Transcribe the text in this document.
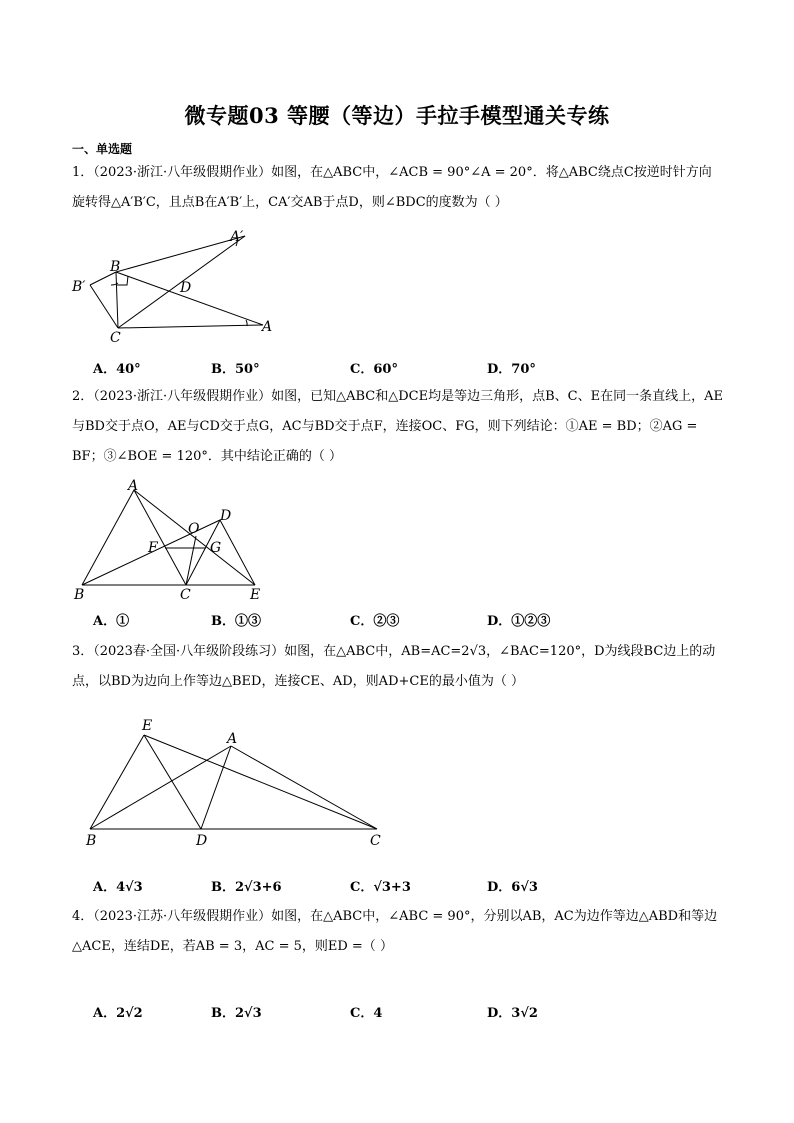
微专题03 等腰（等边）手拉手模型通关专练
一、单选题
1．（2023·浙江·八年级假期作业）如图，在△ABC中，∠ACB = 90°∠A = 20°．将△ABC绕点C按逆时针方向旋转得△A′B′C，且点B在A′B′上，CA′交AB于点D，则∠BDC的度数为（ ）
A′
B
B′	D
C
A
A．40°	B．50°	C．60°	D．70°
2．（2023·浙江·八年级假期作业）如图，已知△ABC和△DCE均是等边三角形，点B、C、E在同一条直线上，AE与BD交于点O，AE与CD交于点G，AC与BD交于点F，连接OC、FG，则下列结论：①AE = BD；②AG = BF；③∠BOE = 120°．其中结论正确的（ ）
A
O
D
F	G
B	C	E
A．①	B．①③	C．②③	D．①②③
3．（2023春·全国·八年级阶段练习）如图，在△ABC中，AB=AC=2√3，∠BAC=120°，D为线段BC边上的动点，以BD为边向上作等边△BED，连接CE、AD，则AD+CE的最小值为（ ）
E
A
B	D	C
A．4√3	B．2√3+6	C．√3+3	D．6√3
4．（2023·江苏·八年级假期作业）如图，在△ABC中，∠ABC = 90°，分别以AB，AC为边作等边△ABD和等边△ACE，连结DE，若AB = 3，AC = 5，则ED =（ ）
A．2√2	B．2√3	C．4	D．3√2
